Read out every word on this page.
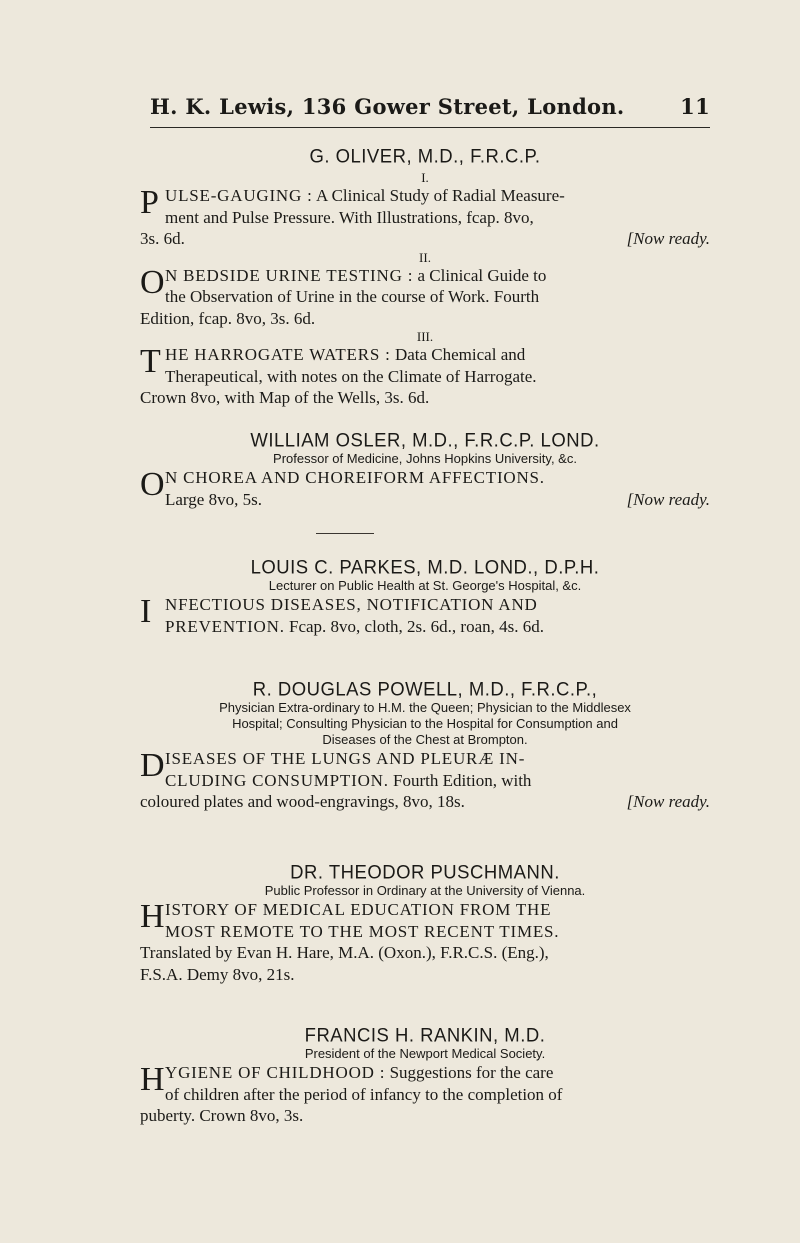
H. K. Lewis, 136 Gower Street, London.	11

G. OLIVER, M.D., F.R.C.P.

I.

P ULSE-GAUGING : A Clinical Study of Radial Measure-
ment and Pulse Pressure. With Illustrations, fcap. 8vo,
3s. 6d.	[Now ready.

II.

O N BEDSIDE URINE TESTING : a Clinical Guide to
the Observation of Urine in the course of Work. Fourth
Edition, fcap. 8vo, 3s. 6d.

III.

T HE HARROGATE WATERS : Data Chemical and
Therapeutical, with notes on the Climate of Harrogate.
Crown 8vo, with Map of the Wells, 3s. 6d.

WILLIAM OSLER, M.D., F.R.C.P. LOND.

Professor of Medicine, Johns Hopkins University, &c.

O N CHOREA AND CHOREIFORM AFFECTIONS.
Large 8vo, 5s.	[Now ready.

LOUIS C. PARKES, M.D. LOND., D.P.H.

Lecturer on Public Health at St. George's Hospital, &c.

I NFECTIOUS DISEASES, NOTIFICATION AND
PREVENTION. Fcap. 8vo, cloth, 2s. 6d., roan, 4s. 6d.

R. DOUGLAS POWELL, M.D., F.R.C.P.,

Physician Extra-ordinary to H.M. the Queen; Physician to the Middlesex

Hospital; Consulting Physician to the Hospital for Consumption and

Diseases of the Chest at Brompton.

D ISEASES OF THE LUNGS AND PLEURÆ IN-
CLUDING CONSUMPTION. Fourth Edition, with
coloured plates and wood-engravings, 8vo, 18s.	[Now ready.

DR. THEODOR PUSCHMANN.

Public Professor in Ordinary at the University of Vienna.

H ISTORY OF MEDICAL EDUCATION FROM THE
MOST REMOTE TO THE MOST RECENT TIMES.
Translated by Evan H. Hare, M.A. (Oxon.), F.R.C.S. (Eng.),
F.S.A. Demy 8vo, 21s.

FRANCIS H. RANKIN, M.D.

President of the Newport Medical Society.

H YGIENE OF CHILDHOOD : Suggestions for the care
of children after the period of infancy to the completion of
puberty. Crown 8vo, 3s.
